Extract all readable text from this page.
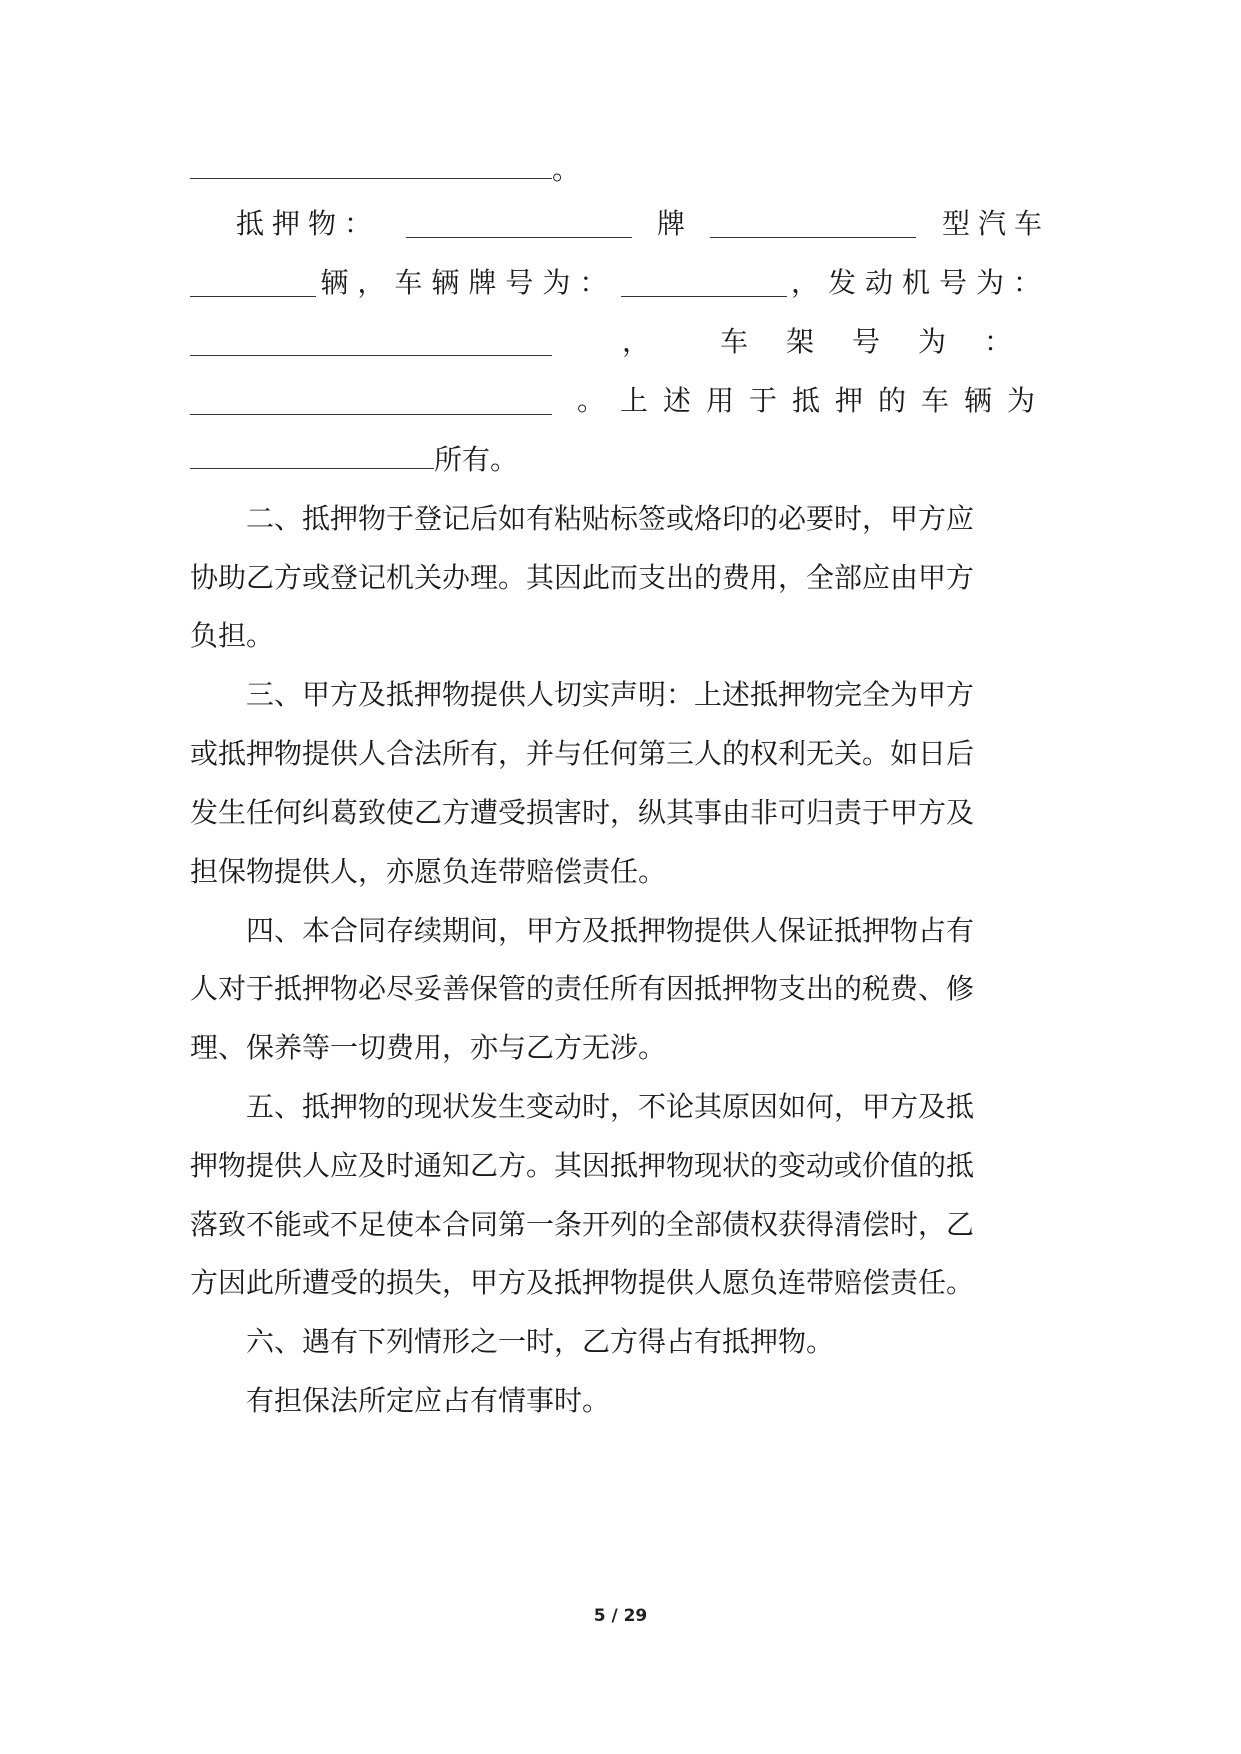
。
抵押物：	牌	型汽车
辆，车辆牌号为：	，发动机号为：
， 车架号为：
。上述用于抵押的车辆为
所有。
二、抵押物于登记后如有粘贴标签或烙印的必要时，甲方应
协助乙方或登记机关办理。其因此而支出的费用，全部应由甲方
负担。
三、甲方及抵押物提供人切实声明：上述抵押物完全为甲方
或抵押物提供人合法所有，并与任何第三人的权利无关。如日后
发生任何纠葛致使乙方遭受损害时，纵其事由非可归责于甲方及
担保物提供人，亦愿负连带赔偿责任。
四、本合同存续期间，甲方及抵押物提供人保证抵押物占有
人对于抵押物必尽妥善保管的责任所有因抵押物支出的税费、修
理、保养等一切费用，亦与乙方无涉。
五、抵押物的现状发生变动时，不论其原因如何，甲方及抵
押物提供人应及时通知乙方。其因抵押物现状的变动或价值的抵
落致不能或不足使本合同第一条开列的全部债权获得清偿时，乙
方因此所遭受的损失，甲方及抵押物提供人愿负连带赔偿责任。
六、遇有下列情形之一时，乙方得占有抵押物。
有担保法所定应占有情事时。
5 / 29
